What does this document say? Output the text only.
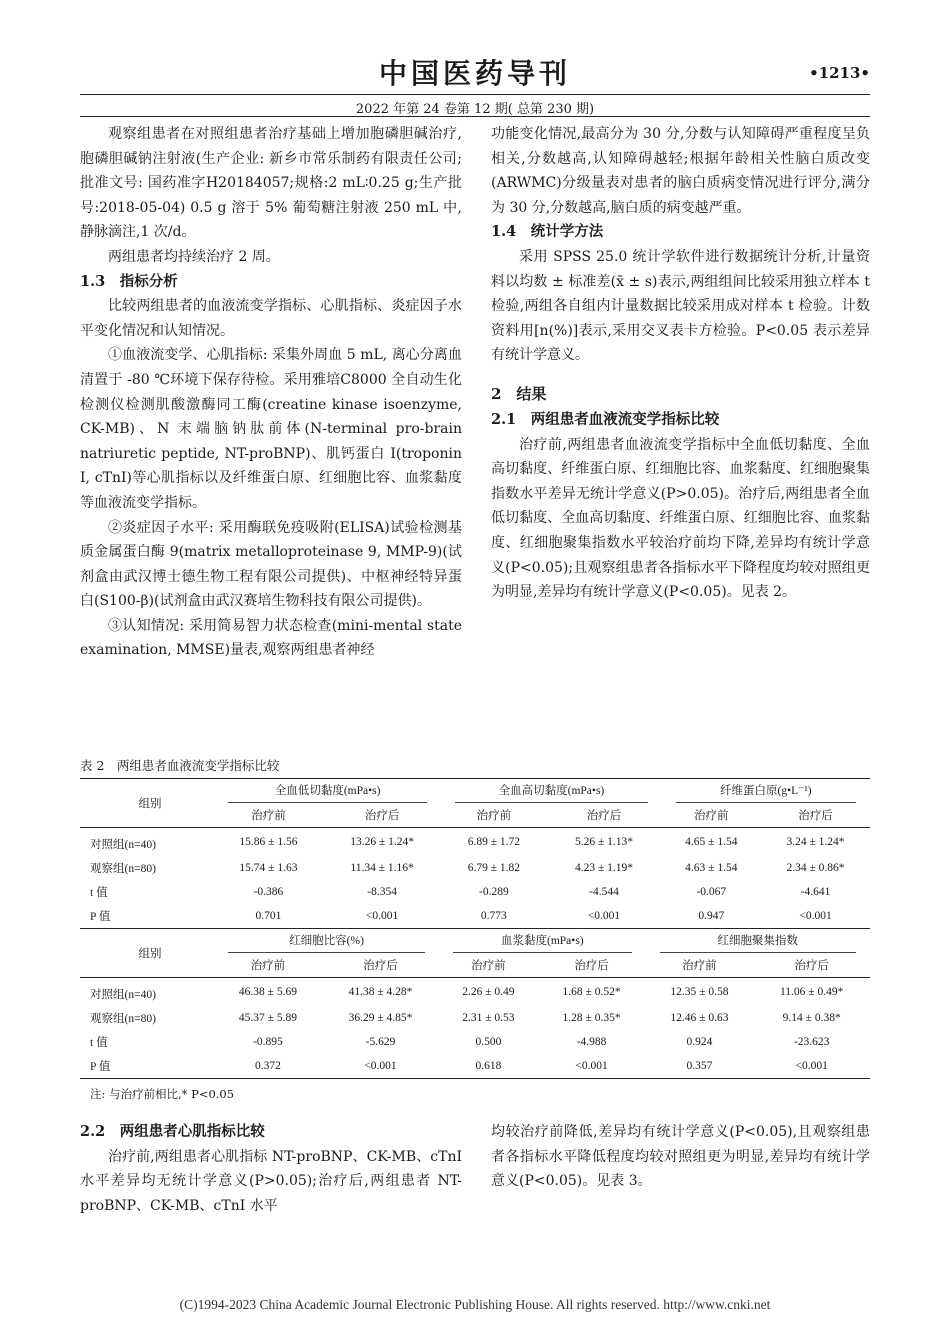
中国医药导刊	•1213•
2022 年第 24 卷第 12 期( 总第 230 期)

观察组患者在对照组患者治疗基础上增加胞磷胆碱治疗,胞磷胆碱钠注射液(生产企业: 新乡市常乐制药有限责任公司; 批准文号: 国药准字H20184057;规格:2 mL∶0.25 g;生产批号:2018-05-04) 0.5 g 溶于 5% 葡萄糖注射液 250 mL 中,静脉滴注,1 次/d。

两组患者均持续治疗 2 周。

1.3　指标分析

比较两组患者的血液流变学指标、心肌指标、炎症因子水平变化情况和认知情况。

①血液流变学、心肌指标: 采集外周血 5 mL, 离心分离血清置于 -80 ℃环境下保存待检。采用雅培C8000 全自动生化检测仪检测肌酸激酶同工酶(creatine kinase isoenzyme, CK-MB)、N 末端脑钠肽前体(N-terminal pro-brain natriuretic peptide, NT-proBNP)、肌钙蛋白 I(troponin I, cTnI)等心肌指标以及纤维蛋白原、红细胞比容、血浆黏度等血液流变学指标。

②炎症因子水平: 采用酶联免疫吸附(ELISA)试验检测基质金属蛋白酶 9(matrix metalloproteinase 9, MMP-9)(试剂盒由武汉博士德生物工程有限公司提供)、中枢神经特异蛋白(S100-β)(试剂盒由武汉赛培生物科技有限公司提供)。

③认知情况: 采用简易智力状态检查(mini-mental state examination, MMSE)量表,观察两组患者神经

功能变化情况,最高分为 30 分,分数与认知障碍严重程度呈负相关,分数越高,认知障碍越轻;根据年龄相关性脑白质改变(ARWMC)分级量表对患者的脑白质病变情况进行评分,满分为 30 分,分数越高,脑白质的病变越严重。

1.4　统计学方法

采用 SPSS 25.0 统计学软件进行数据统计分析,计量资料以均数 ± 标准差(x̄ ± s)表示,两组组间比较采用独立样本 t 检验,两组各自组内计量数据比较采用成对样本 t 检验。计数资料用[n(%)]表示,采用交叉表卡方检验。P<0.05 表示差异有统计学意义。

2　结果
2.1　两组患者血液流变学指标比较

治疗前,两组患者血液流变学指标中全血低切黏度、全血高切黏度、纤维蛋白原、红细胞比容、血浆黏度、红细胞聚集指数水平差异无统计学意义(P>0.05)。治疗后,两组患者全血低切黏度、全血高切黏度、纤维蛋白原、红细胞比容、血浆黏度、红细胞聚集指数水平较治疗前均下降,差异均有统计学意义(P<0.05);且观察组患者各指标水平下降程度均较对照组更为明显,差异均有统计学意义(P<0.05)。见表 2。

表 2　两组患者血液流变学指标比较
组别	全血低切黏度(mPa•s)		全血高切黏度(mPa•s)		纤维蛋白原(g•L⁻¹)	

	治疗前	治疗后	治疗前	治疗后	治疗前	治疗后
对照组(n=40)	15.86 ± 1.56	13.26 ± 1.24*	6.89 ± 1.72	5.26 ± 1.13*	4.65 ± 1.54	3.24 ± 1.24*
观察组(n=80)	15.74 ± 1.63	11.34 ± 1.16*	6.79 ± 1.82	4.23 ± 1.19*	4.63 ± 1.54	2.34 ± 0.86*
t 值	-0.386	-8.354	-0.289	-4.544	-0.067	-4.641
P 值	0.701	<0.001	0.773	<0.001	0.947	<0.001
组别	红细胞比容(%)		血浆黏度(mPa•s)		红细胞聚集指数	

	治疗前	治疗后	治疗前	治疗后	治疗前	治疗后
对照组(n=40)	46.38 ± 5.69	41.38 ± 4.28*	2.26 ± 0.49	1.68 ± 0.52*	12.35 ± 0.58	11.06 ± 0.49*
观察组(n=80)	45.37 ± 5.89	36.29 ± 4.85*	2.31 ± 0.53	1.28 ± 0.35*	12.46 ± 0.63	9.14 ± 0.38*
t 值	-0.895	-5.629	0.500	-4.988	0.924	-23.623
P 值	0.372	<0.001	0.618	<0.001	0.357	<0.001
注: 与治疗前相比,* P<0.05
2.2　两组患者心肌指标比较

治疗前,两组患者心肌指标 NT-proBNP、CK-MB、cTnI 水平差异均无统计学意义(P>0.05);治疗后,两组患者 NT-proBNP、CK-MB、cTnI 水平

均较治疗前降低,差异均有统计学意义(P<0.05),且观察组患者各指标水平降低程度均较对照组更为明显,差异均有统计学意义(P<0.05)。见表 3。

(C)1994-2023 China Academic Journal Electronic Publishing House. All rights reserved. http://www.cnki.net
